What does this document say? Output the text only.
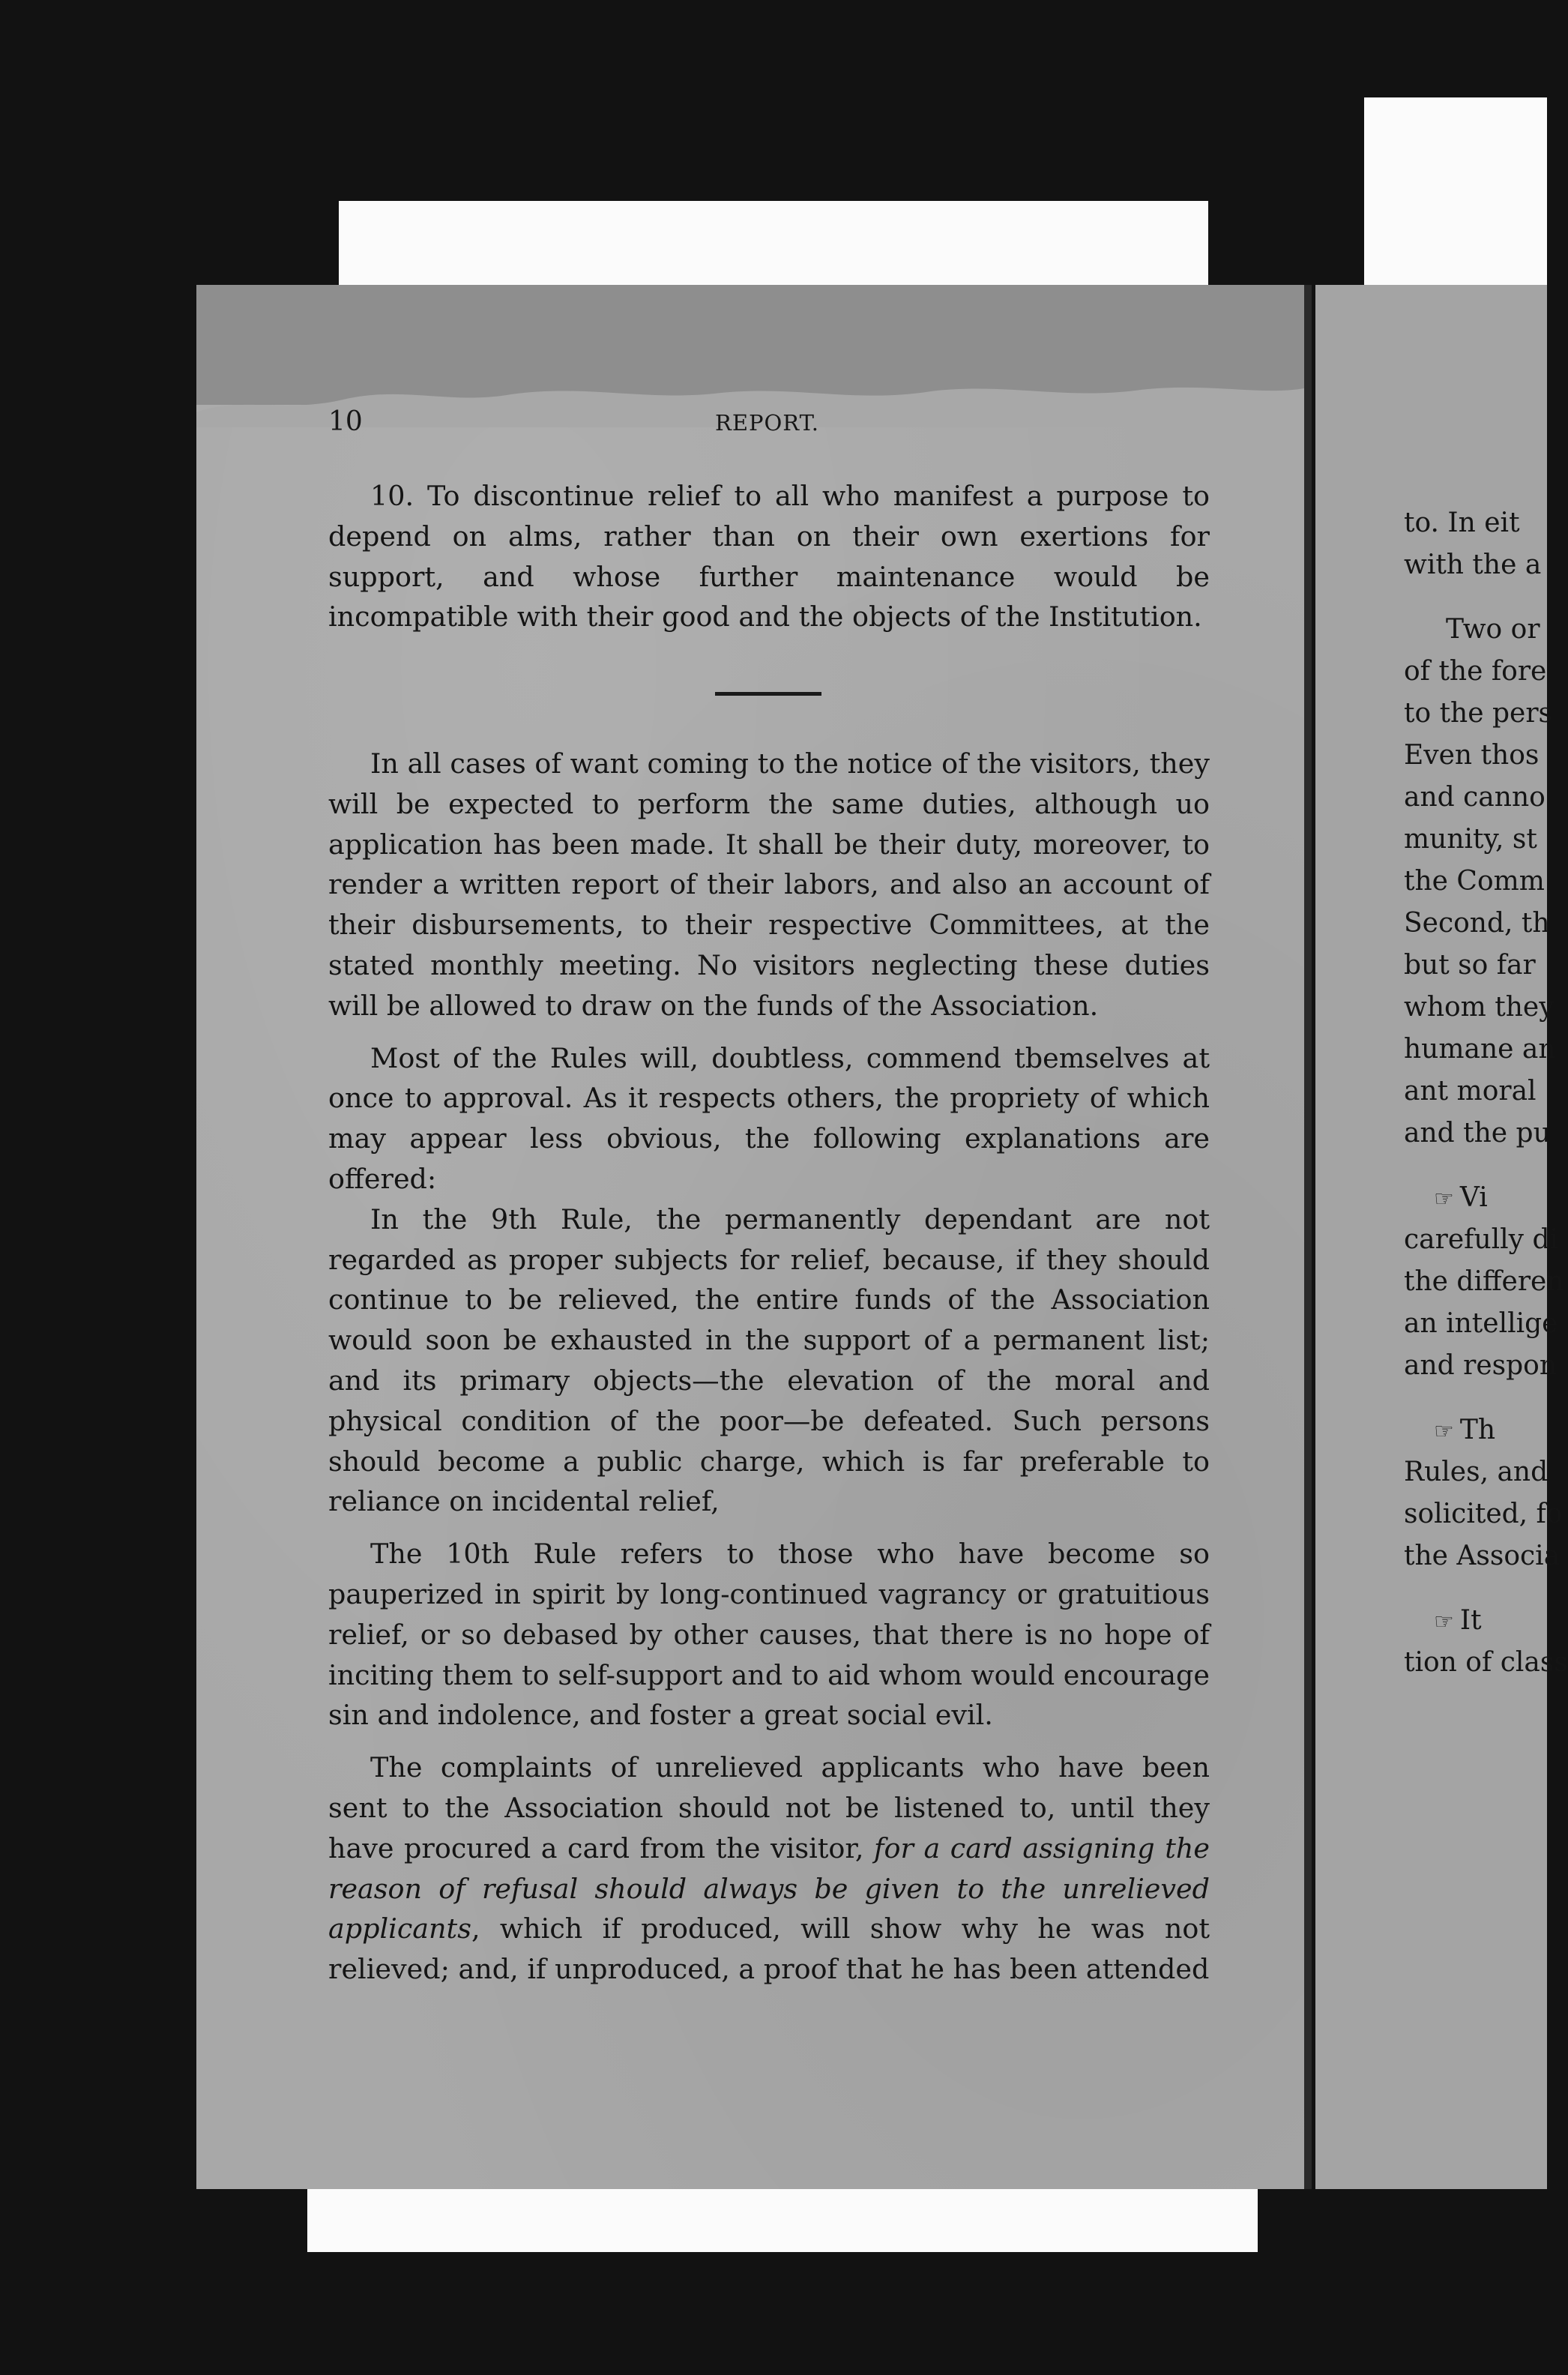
10	REPORT.

10. To discontinue relief to all who manifest a purpose to depend on alms, rather than on their own exertions for support, and whose further maintenance would be incompatible with their good and the objects of the Institution.

In all cases of want coming to the notice of the visitors, they will be expected to perform the same duties, although uo application has been made. It shall be their duty, moreover, to render a written report of their labors, and also an account of their disbursements, to their respective Committees, at the stated monthly meeting. No visitors neglecting these duties will be allowed to draw on the funds of the Association.

Most of the Rules will, doubtless, commend tbemselves at once to approval. As it respects others, the propriety of which may appear less obvious, the following explanations are offered:

In the 9th Rule, the permanently dependant are not regarded as proper subjects for relief, because, if they should continue to be relieved, the entire funds of the Association would soon be exhausted in the support of a permanent list; and its primary objects—the elevation of the moral and physical condition of the poor—be defeated. Such persons should become a public charge, which is far preferable to reliance on incidental relief,

The 10th Rule refers to those who have become so pauperized in spirit by long-continued vagrancy or gratuitious relief, or so debased by other causes, that there is no hope of inciting them to self-support and to aid whom would encourage sin and indolence, and foster a great social evil.

The complaints of unrelieved applicants who have been sent to the Association should not be listened to, until they have procured a card from the visitor, for a card assigning the reason of refusal should always be given to the unrelieved applicants, which if produced, will show why he was not relieved; and, if unproduced, a proof that he has been attended

to. In eit
with the a
Two or
of the fore
to the pers
Even thos
and canno
munity, st
the Comm
Second, th
but so far
whom they
humane an
ant moral
and the pu
☞ Vi
carefully di
the differen
an intellige
and respon
☞ Th
Rules, and
solicited, fo
the Associa
☞ It
tion of class
